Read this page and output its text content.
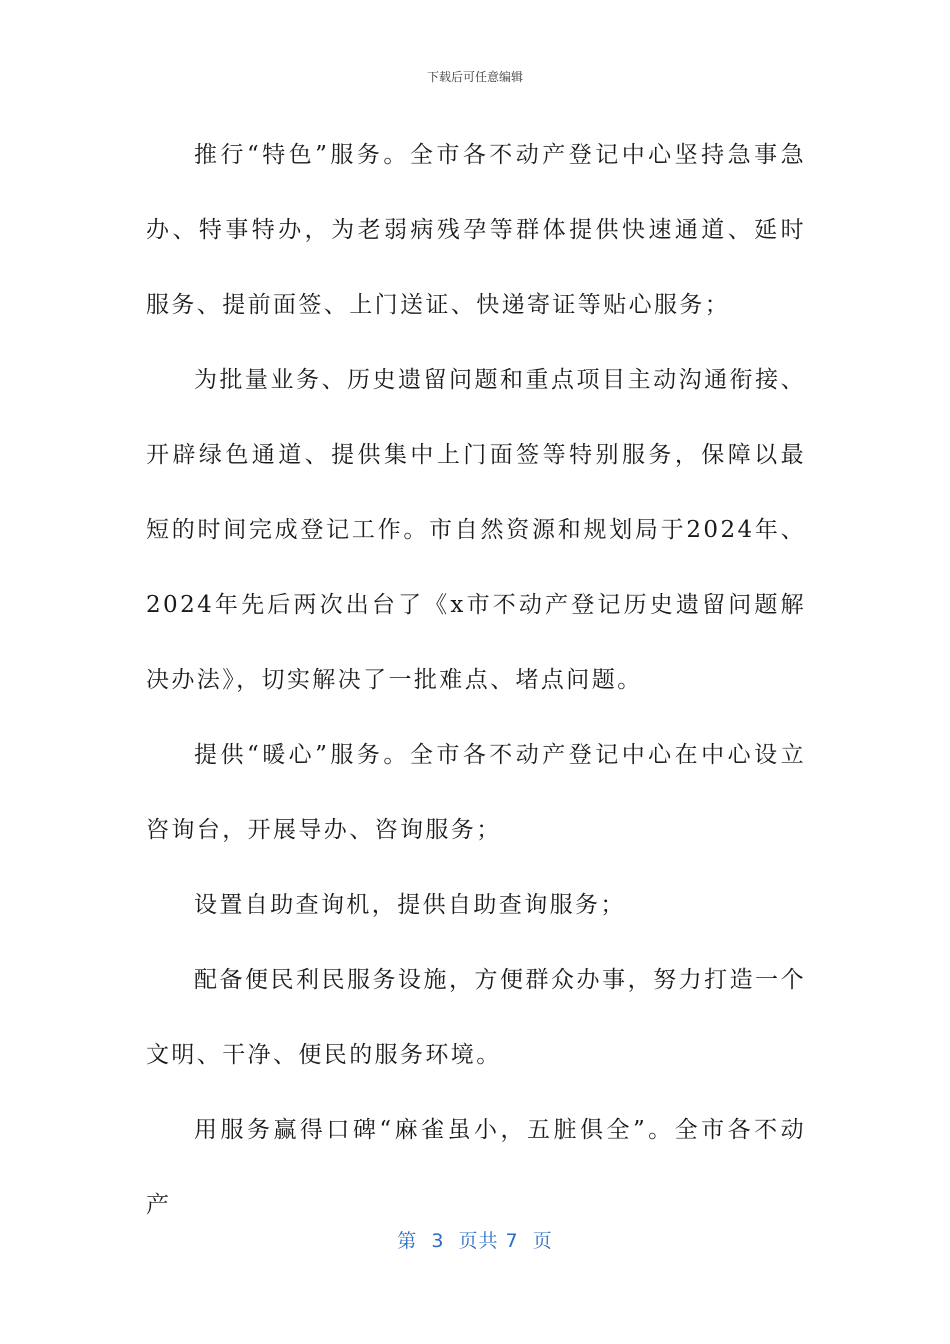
下载后可任意编辑

推行“特色”服务。全市各不动产登记中心坚持急事急办、特事特办，为老弱病残孕等群体提供快速通道、延时服务、提前面签、上门送证、快递寄证等贴心服务；

为批量业务、历史遗留问题和重点项目主动沟通衔接、开辟绿色通道、提供集中上门面签等特别服务，保障以最短的时间完成登记工作。市自然资源和规划局于2024年、2024年先后两次出台了《x市不动产登记历史遗留问题解决办法》，切实解决了一批难点、堵点问题。

提供“暖心”服务。全市各不动产登记中心在中心设立咨询台，开展导办、咨询服务；

设置自助查询机，提供自助查询服务；

配备便民利民服务设施，方便群众办事，努力打造一个文明、干净、便民的服务环境。

用服务赢得口碑“麻雀虽小，五脏俱全”。全市各不动产

第  3  页共 7  页
